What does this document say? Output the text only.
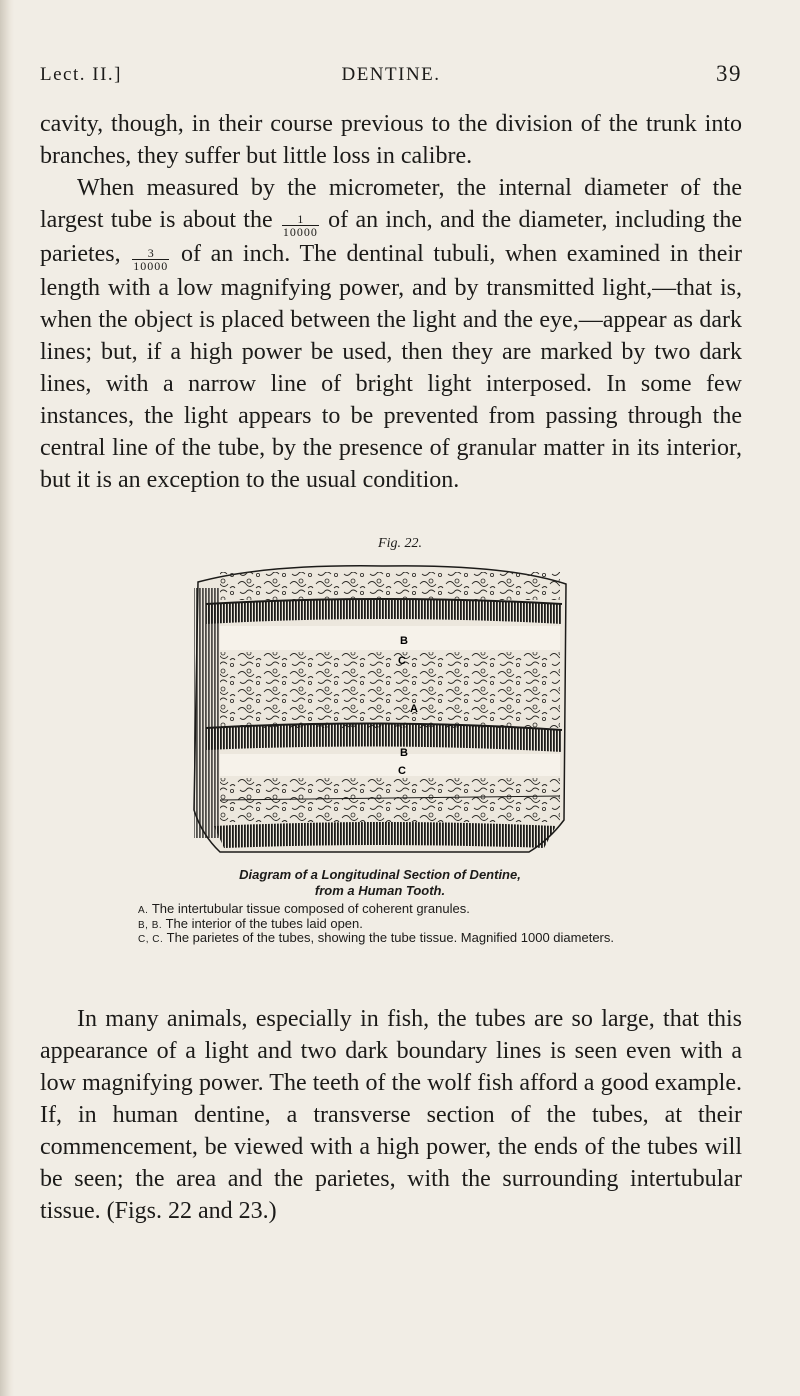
Lect. II.]	DENTINE.	39

cavity, though, in their course previous to the division of the trunk into branches, they suffer but little loss in calibre.

When measured by the micrometer, the internal diameter of the largest tube is about the $\frac{1}{10000}$ of an inch, and the diameter, including the parietes, $\frac{3}{10000}$ of an inch. The dentinal tubuli, when examined in their length with a low magnifying power, and by transmitted light,—that is, when the object is placed between the light and the eye,—appear as dark lines; but, if a high power be used, then they are marked by two dark lines, with a narrow line of bright light interposed. In some few instances, the light appears to be prevented from passing through the central line of the tube, by the presence of granular matter in its interior, but it is an exception to the usual condition.

Fig. 22.
B
C
A
B
C
Diagram of a Longitudinal Section of Dentine,
from a Human Tooth.

A. The intertubular tissue composed of coherent granules.

B, B. The interior of the tubes laid open.

C, C. The parietes of the tubes, showing the tube tissue. Magnified 1000 diameters.

In many animals, especially in fish, the tubes are so large, that this appearance of a light and two dark boundary lines is seen even with a low magnifying power. The teeth of the wolf fish afford a good example. If, in human dentine, a transverse section of the tubes, at their commencement, be viewed with a high power, the ends of the tubes will be seen; the area and the parietes, with the surrounding intertubular tissue. (Figs. 22 and 23.)
